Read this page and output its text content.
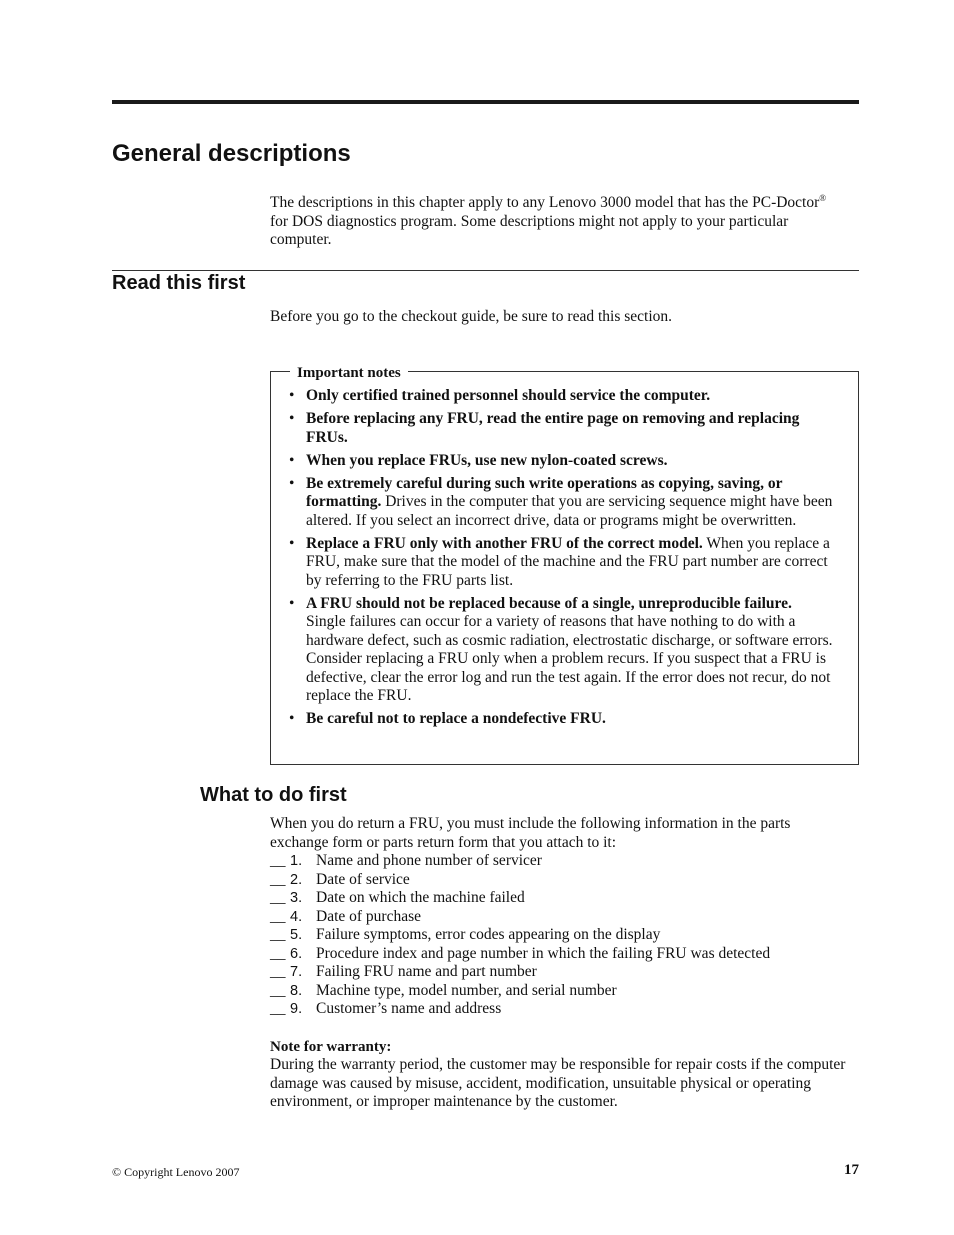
General descriptions

The descriptions in this chapter apply to any Lenovo 3000 model that has the PC-Doctor® for DOS diagnostics program. Some descriptions might not apply to your particular computer.

Read this first

Before you go to the checkout guide, be sure to read this section.

Important notes
• Only certified trained personnel should service the computer.
• Before replacing any FRU, read the entire page on removing and replacing FRUs.
• When you replace FRUs, use new nylon-coated screws.
• Be extremely careful during such write operations as copying, saving, or formatting. Drives in the computer that you are servicing sequence might have been altered. If you select an incorrect drive, data or programs might be overwritten.
• Replace a FRU only with another FRU of the correct model. When you replace a FRU, make sure that the model of the machine and the FRU part number are correct by referring to the FRU parts list.
• A FRU should not be replaced because of a single, unreproducible failure. Single failures can occur for a variety of reasons that have nothing to do with a hardware defect, such as cosmic radiation, electrostatic discharge, or software errors. Consider replacing a FRU only when a problem recurs. If you suspect that a FRU is defective, clear the error log and run the test again. If the error does not recur, do not replace the FRU.
• Be careful not to replace a nondefective FRU.
What to do first

When you do return a FRU, you must include the following information in the parts exchange form or parts return form that you attach to it:

__ 1. Name and phone number of servicer
__ 2. Date of service
__ 3. Date on which the machine failed
__ 4. Date of purchase
__ 5. Failure symptoms, error codes appearing on the display
__ 6. Procedure index and page number in which the failing FRU was detected
__ 7. Failing FRU name and part number
__ 8. Machine type, model number, and serial number
__ 9. Customer’s name and address

Note for warranty:

During the warranty period, the customer may be responsible for repair costs if the computer damage was caused by misuse, accident, modification, unsuitable physical or operating environment, or improper maintenance by the customer.

© Copyright Lenovo 2007	17
